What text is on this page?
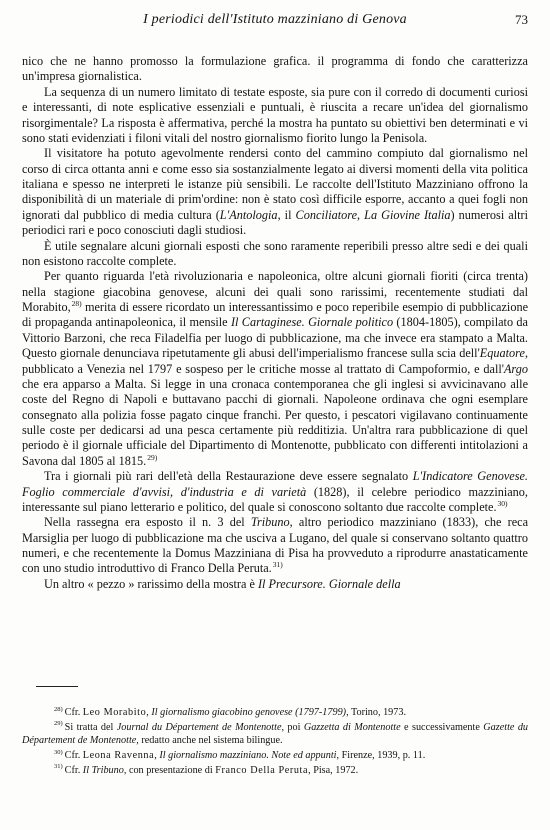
I periodici dell'Istituto mazziniano di Genova	73

nico che ne hanno promosso la formulazione grafica. il programma di fondo che caratterizza un'impresa giornalistica.

La sequenza di un numero limitato di testate esposte, sia pure con il corredo di documenti curiosi e interessanti, di note esplicative essenziali e puntuali, è riuscita a recare un'idea del giornalismo risorgimentale? La risposta è affermativa, perché la mostra ha puntato su obiettivi ben determinati e vi sono stati evidenziati i filoni vitali del nostro giornalismo fiorito lungo la Penisola.

Il visitatore ha potuto agevolmente rendersi conto del cammino compiuto dal giornalismo nel corso di circa ottanta anni e come esso sia sostanzialmente legato ai diversi momenti della vita politica italiana e spesso ne interpreti le istanze più sensibili. Le raccolte dell'Istituto Mazziniano offrono la disponibilità di un materiale di prim'ordine: non è stato così difficile esporre, accanto a quei fogli non ignorati dal pubblico di media cultura (L'Antologia, il Conciliatore, La Giovine Italia) numerosi altri periodici rari e poco conosciuti dagli studiosi.

È utile segnalare alcuni giornali esposti che sono raramente reperibili presso altre sedi e dei quali non esistono raccolte complete.

Per quanto riguarda l'età rivoluzionaria e napoleonica, oltre alcuni giornali fioriti (circa trenta) nella stagione giacobina genovese, alcuni dei quali sono rarissimi, recentemente studiati dal Morabito,$^{28)}$ merita di essere ricordato un interessantissimo e poco reperibile esempio di pubblicazione di propaganda antinapoleonica, il mensile Il Cartaginese. Giornale politico (1804-1805), compilato da Vittorio Barzoni, che reca Filadelfia per luogo di pubblicazione, ma che invece era stampato a Malta. Questo giornale denunciava ripetutamente gli abusi dell'imperialismo francese sulla scia dell'Equatore, pubblicato a Venezia nel 1797 e sospeso per le critiche mosse al trattato di Campoformio, e dall'Argo che era apparso a Malta. Si legge in una cronaca contemporanea che gli inglesi si avvicinavano alle coste del Regno di Napoli e buttavano pacchi di giornali. Napoleone ordinava che ogni esemplare consegnato alla polizia fosse pagato cinque franchi. Per questo, i pescatori vigilavano continuamente sulle coste per dedicarsi ad una pesca certamente più redditizia. Un'altra rara pubblicazione di quel periodo è il giornale ufficiale del Dipartimento di Montenotte, pubblicato con differenti intitolazioni a Savona dal 1805 al 1815.$^{29)}$

Tra i giornali più rari dell'età della Restaurazione deve essere segnalato L'Indicatore Genovese. Foglio commerciale d'avvisi, d'industria e di varietà (1828), il celebre periodico mazziniano, interessante sul piano letterario e politico, del quale si conoscono soltanto due raccolte complete.$^{30)}$

Nella rassegna era esposto il n. 3 del Tribuno, altro periodico mazziniano (1833), che reca Marsiglia per luogo di pubblicazione ma che usciva a Lugano, del quale si conservano soltanto quattro numeri, e che recentemente la Domus Mazziniana di Pisa ha provveduto a riprodurre anastaticamente con uno studio introduttivo di Franco Della Peruta.$^{31)}$

Un altro « pezzo » rarissimo della mostra è Il Precursore. Giornale della

$^{28)}$ Cfr. Leo Morabito, Il giornalismo giacobino genovese (1797-1799), Torino, 1973.

$^{29)}$ Si tratta del Journal du Département de Montenotte, poi Gazzetta di Montenotte e successivamente Gazette du Département de Montenotte, redatto anche nel sistema bilingue.

$^{30)}$ Cfr. Leona Ravenna, Il giornalismo mazziniano. Note ed appunti, Firenze, 1939, p. 11.

$^{31)}$ Cfr. Il Tribuno, con presentazione di Franco Della Peruta, Pisa, 1972.
